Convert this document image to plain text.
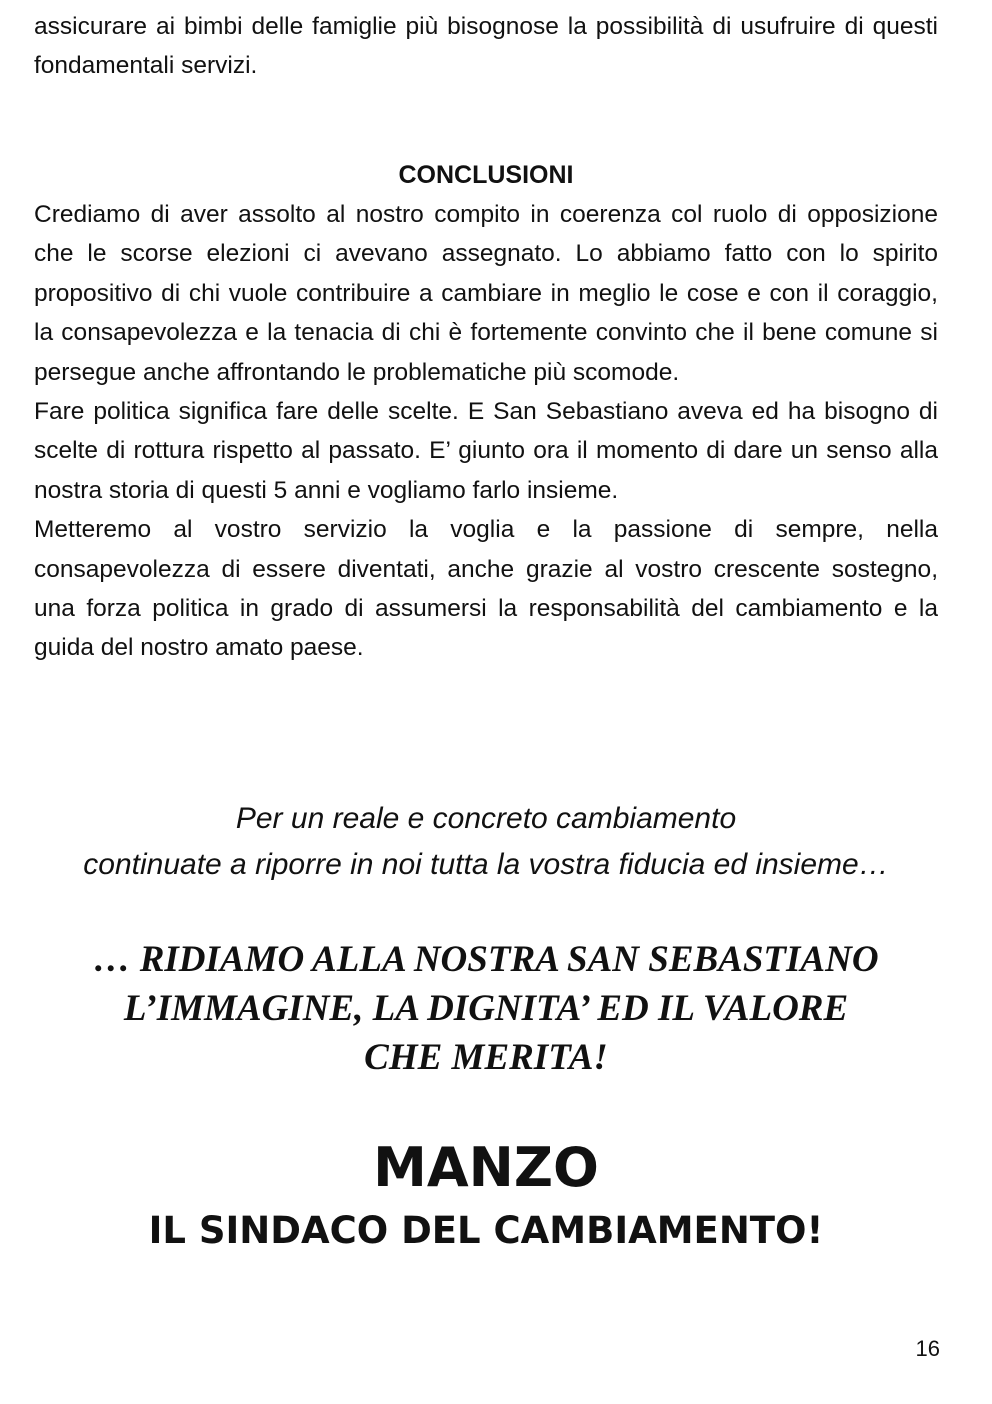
assicurare ai bimbi delle famiglie più bisognose la possibilità di usufruire di questi fondamentali servizi.

CONCLUSIONI

Crediamo di aver assolto al nostro compito in coerenza col ruolo di opposizione che le scorse elezioni ci avevano assegnato. Lo abbiamo fatto con lo spirito propositivo di chi vuole contribuire a cambiare in meglio le cose e con il coraggio, la consapevolezza e la tenacia di chi è fortemente convinto che il bene comune si persegue anche affrontando le problematiche più scomode.

Fare politica significa fare delle scelte. E San Sebastiano aveva ed ha bisogno di scelte di rottura rispetto al passato. E’ giunto ora il momento di dare un senso alla nostra storia di questi 5 anni e vogliamo farlo insieme.

Metteremo al vostro servizio la voglia e la passione di sempre, nella consapevolezza di essere diventati, anche grazie al vostro crescente sostegno, una forza politica in grado di assumersi la responsabilità del cambiamento e la guida del nostro amato paese.

Per un reale e concreto cambiamento
continuate a riporre in noi tutta la vostra fiducia ed insieme…
… RIDIAMO ALLA NOSTRA SAN SEBASTIANO
L’IMMAGINE, LA DIGNITA’ ED IL VALORE
CHE MERITA!
MANZO
IL SINDACO DEL CAMBIAMENTO!
16
